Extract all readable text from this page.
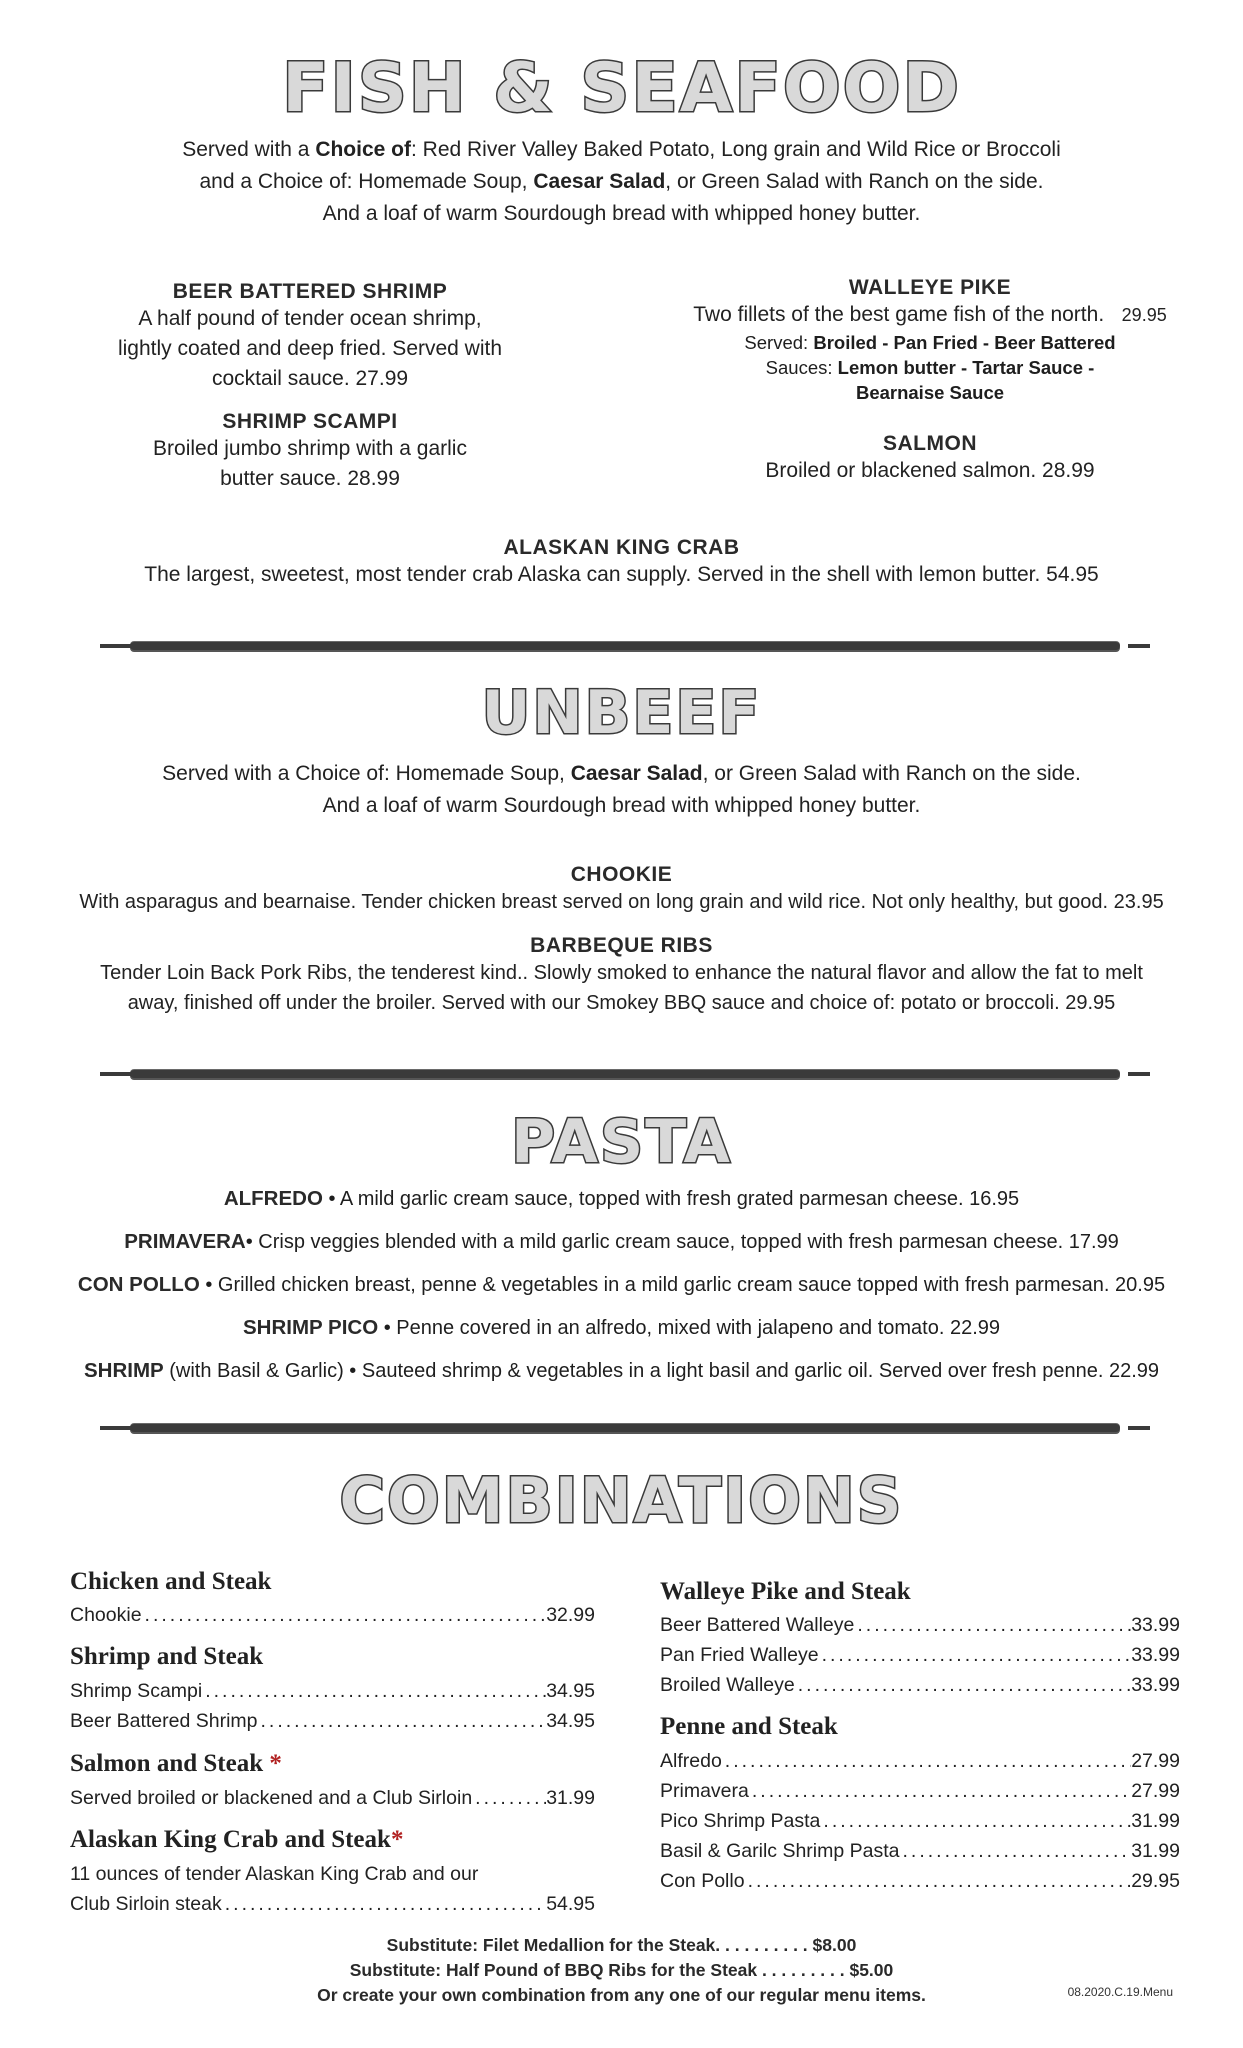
FISH & SEAFOOD
Served with a Choice of: Red River Valley Baked Potato, Long grain and Wild Rice or Broccoli
and a Choice of: Homemade Soup, Caesar Salad, or Green Salad with Ranch on the side.
And a loaf of warm Sourdough bread with whipped honey butter.
BEER BATTERED SHRIMP
A half pound of tender ocean shrimp,
lightly coated and deep fried. Served with
cocktail sauce. 27.99
SHRIMP SCAMPI
Broiled jumbo shrimp with a garlic
butter sauce. 28.99
WALLEYE PIKE
Two fillets of the best game fish of the north. 29.95
Served: Broiled - Pan Fried - Beer Battered
Sauces: Lemon butter - Tartar Sauce -
Bearnaise Sauce
SALMON
Broiled or blackened salmon. 28.99
ALASKAN KING CRAB
The largest, sweetest, most tender crab Alaska can supply. Served in the shell with lemon butter. 54.95
UNBEEF
Served with a Choice of: Homemade Soup, Caesar Salad, or Green Salad with Ranch on the side.
And a loaf of warm Sourdough bread with whipped honey butter.
CHOOKIE
With asparagus and bearnaise. Tender chicken breast served on long grain and wild rice. Not only healthy, but good. 23.95
BARBEQUE RIBS
Tender Loin Back Pork Ribs, the tenderest kind.. Slowly smoked to enhance the natural flavor and allow the fat to melt
away, finished off under the broiler. Served with our Smokey BBQ sauce and choice of: potato or broccoli. 29.95
PASTA
ALFREDO • A mild garlic cream sauce, topped with fresh grated parmesan cheese. 16.95
PRIMAVERA• Crisp veggies blended with a mild garlic cream sauce, topped with fresh parmesan cheese. 17.99
CON POLLO • Grilled chicken breast, penne & vegetables in a mild garlic cream sauce topped with fresh parmesan. 20.95
SHRIMP PICO • Penne covered in an alfredo, mixed with jalapeno and tomato. 22.99
SHRIMP (with Basil & Garlic) • Sauteed shrimp & vegetables in a light basil and garlic oil. Served over fresh penne. 22.99
COMBINATIONS
Chicken and Steak
Chookie .....	32.99
Shrimp and Steak
Shrimp Scampi .....	34.95
Beer Battered Shrimp .....	34.95
Salmon and Steak *
Served broiled or blackened and a Club Sirloin .....	31.99
Alaskan King Crab and Steak*
11 ounces of tender Alaskan King Crab and our
Club Sirloin steak .....	54.95
Walleye Pike and Steak
Beer Battered Walleye .....	33.99
Pan Fried Walleye .....	33.99
Broiled Walleye .....	33.99
Penne and Steak
Alfredo .....	27.99
Primavera .....	27.99
Pico Shrimp Pasta .....	31.99
Basil & Garilc Shrimp Pasta .....	31.99
Con Pollo .....	29.95
Substitute: Filet Medallion for the Steak. . . . . . . . . . $8.00
Substitute: Half Pound of BBQ Ribs for the Steak . . . . . . . . . $5.00
Or create your own combination from any one of our regular menu items.	08.2020.C.19.Menu
